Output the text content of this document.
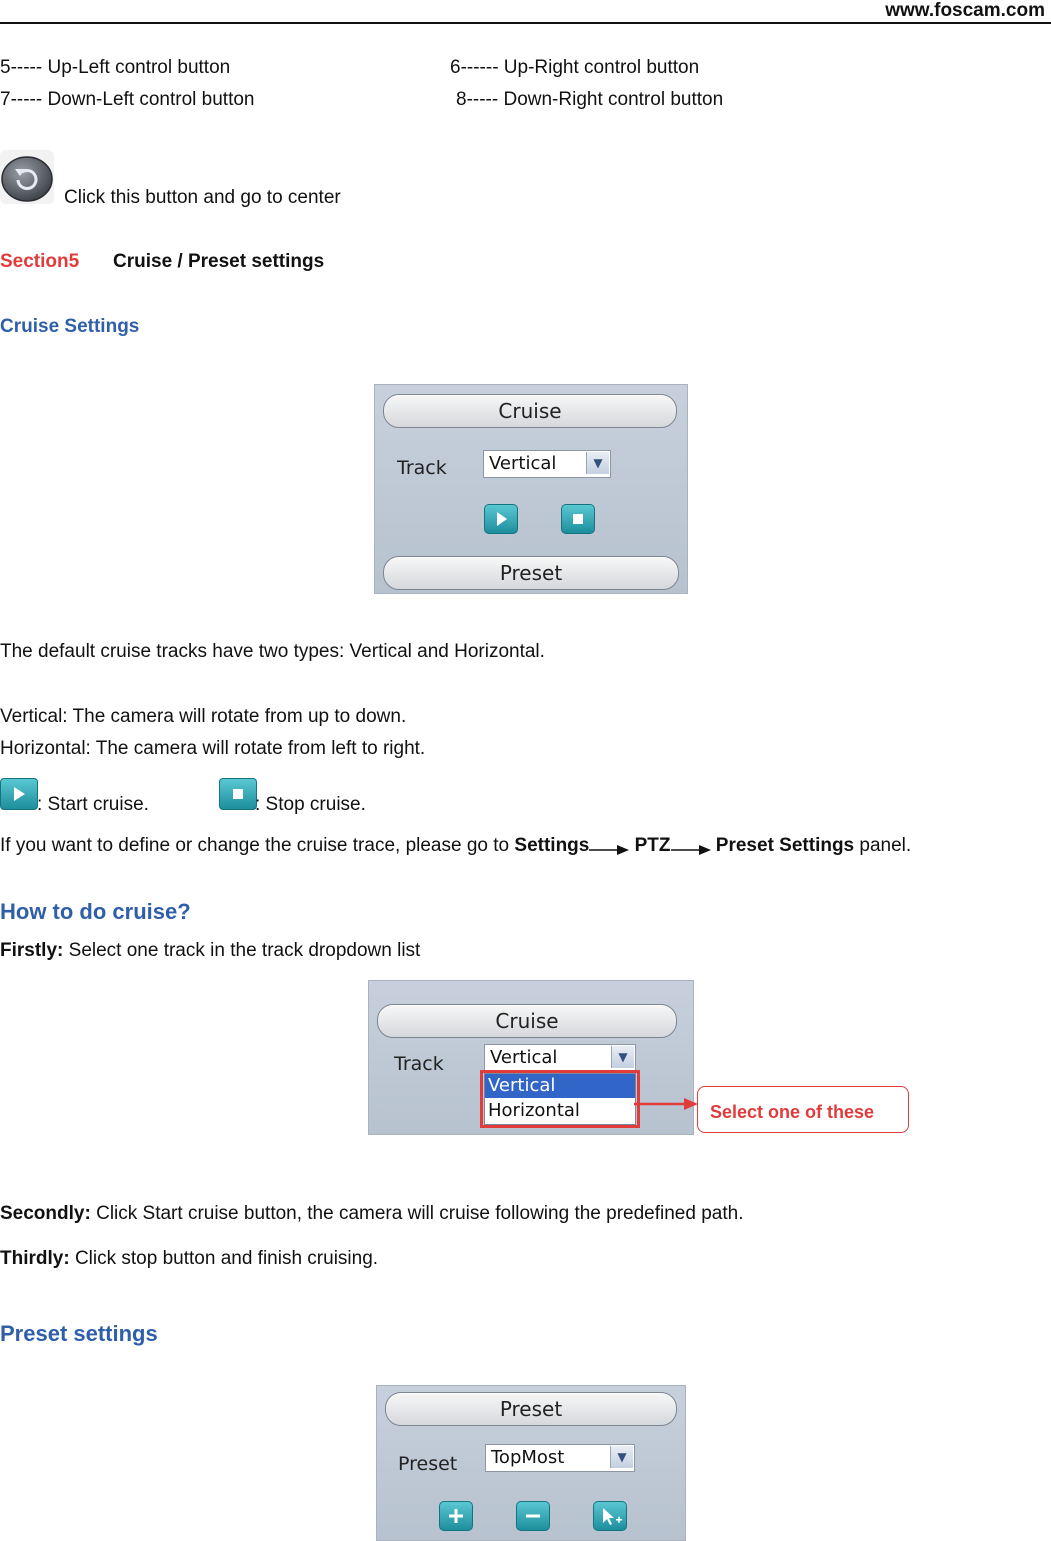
www.foscam.com
5----- Up-Left control button	6------ Up-Right control button
7----- Down-Left control button	8----- Down-Right control button
Click this button and go to center
Section5 Cruise / Preset settings
Cruise Settings
Cruise
Track Vertical	▼
Preset
The default cruise tracks have two types: Vertical and Horizontal.
Vertical: The camera will rotate from up to down.
Horizontal: The camera will rotate from left to right.
: Start cruise.	: Stop cruise.
If you want to define or change the cruise trace, please go to Settings PTZ Preset Settings panel.
How to do cruise?
Firstly: Select one track in the track dropdown list
Cruise
Track	Vertical	▼
Vertical
Horizontal	Select one of these
Secondly: Click Start cruise button, the camera will cruise following the predefined path.
Thirdly: Click stop button and finish cruising.
Preset settings
Preset
Preset TopMost	▼
